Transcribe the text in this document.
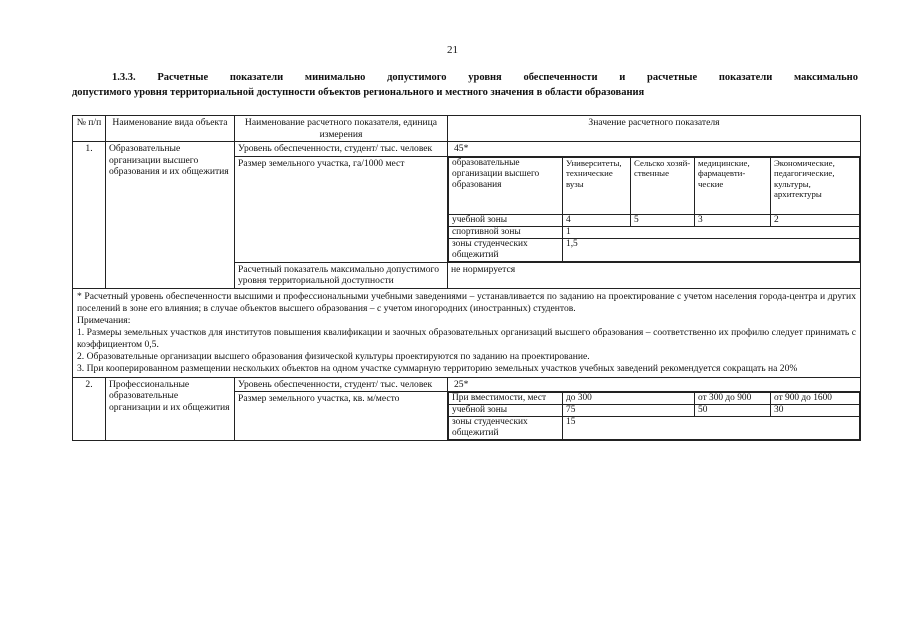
21
1.3.3. Расчетные показатели минимально допустимого уровня обеспеченности и расчетные показатели максимально
допустимого уровня территориальной доступности объектов регионального и местного значения в области образования
№ п/п	Наименование вида объекта	Наименование расчетного показателя, единица измерения	Значение расчетного показателя
1.	Образовательные организации высшего образования и их общежития	Уровень обеспеченности, студент/ тыс. человек	45*
Размер земельного участка, га/1000 мест		образовательные организации высшего образования	Университеты, технические вузы	Сельско хозяй-ственные	медицинские, фармацевти-ческие	Экономические, педагогические, культуры, архитектуры
учебной зоны	4	5	3	2
спортивной зоны	1
зоны студенческих общежитий	1,5

Расчетный показатель максимально допустимого уровня территориальной доступности	не нормируется

* Расчетный уровень обеспеченности высшими и профессиональными учебными заведениями – устанавливается по заданию на проектирование с учетом населения города-центра и других поселений в зоне его влияния; в случае объектов высшего образования – с учетом иногородних (иностранных) студентов.

Примечания:

1. Размеры земельных участков для институтов повышения квалификации и заочных образовательных организаций высшего образования – соответственно их профилю следует принимать с коэффициентом 0,5.

2. Образовательные организации высшего образования физической культуры проектируются по заданию на проектирование.

3. При кооперированном размещении нескольких объектов на одном участке суммарную территорию земельных участков учебных заведений рекомендуется сокращать на 20%

2.	Профессиональные образовательные организации и их общежития	Уровень обеспеченности, студент/ тыс. человек	25*
Размер земельного участка, кв. м/место		При вместимости, мест	до 300	от 300 до 900	от 900 до 1600
учебной зоны	75	50	30
зоны студенческих общежитий	15
